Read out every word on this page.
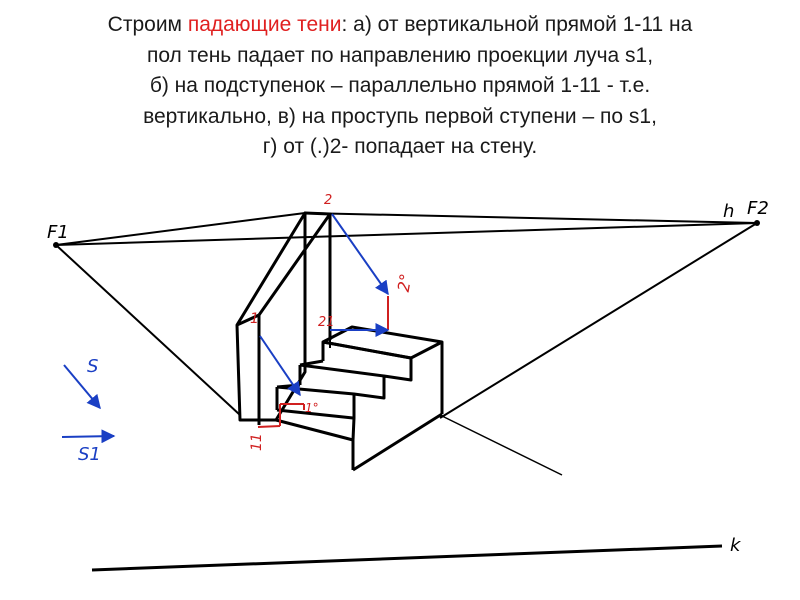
Строим падающие тени: а) от вертикальной прямой 1-11 на
пол тень падает по направлению проекции луча s1,
б) на подступенок – параллельно прямой 1-11 - т.е.
вертикально, в) на проступь первой ступени – по s1,
г) от (.)2- попадает на стену.
F1
F2
h
k
2
1	21
2°
11
1°
S
S1
